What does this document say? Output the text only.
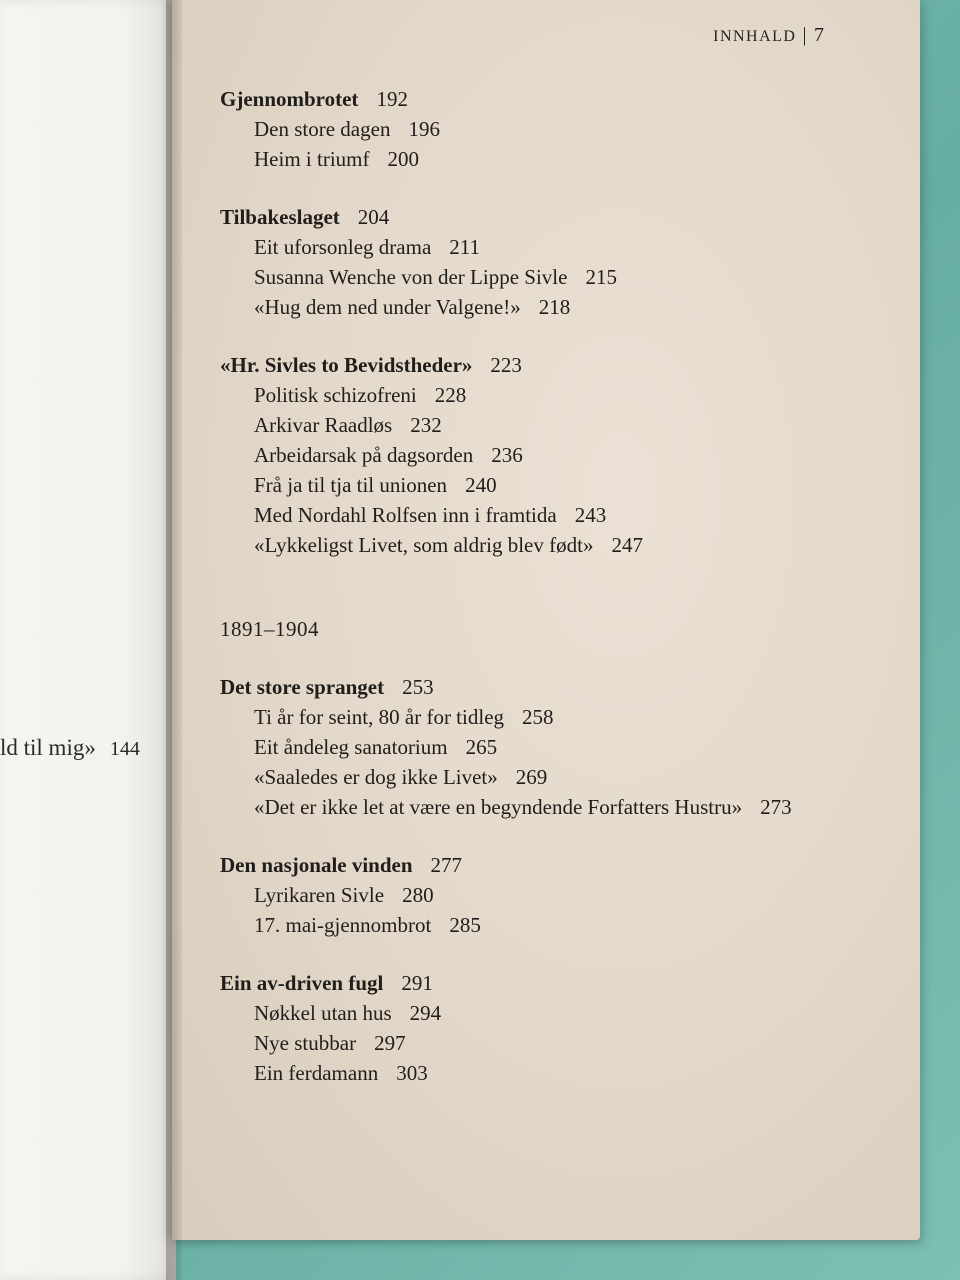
ld til mig» 144
INNHALD | 7
Gjennombrotet 192
Den store dagen 196
Heim i triumf 200
Tilbakeslaget 204
Eit uforsonleg drama 211
Susanna Wenche von der Lippe Sivle 215
«Hug dem ned under Valgene!» 218
«Hr. Sivles to Bevidstheder» 223
Politisk schizofreni 228
Arkivar Raadløs 232
Arbeidarsak på dagsorden 236
Frå ja til tja til unionen 240
Med Nordahl Rolfsen inn i framtida 243
«Lykkeligst Livet, som aldrig blev født» 247
1891–1904
Det store spranget 253
Ti år for seint, 80 år for tidleg 258
Eit åndeleg sanatorium 265
«Saaledes er dog ikke Livet» 269
«Det er ikke let at være en begyndende Forfatters Hustru» 273
Den nasjonale vinden 277
Lyrikaren Sivle 280
17. mai-gjennombrot 285
Ein av-driven fugl 291
Nøkkel utan hus 294
Nye stubbar 297
Ein ferdamann 303
